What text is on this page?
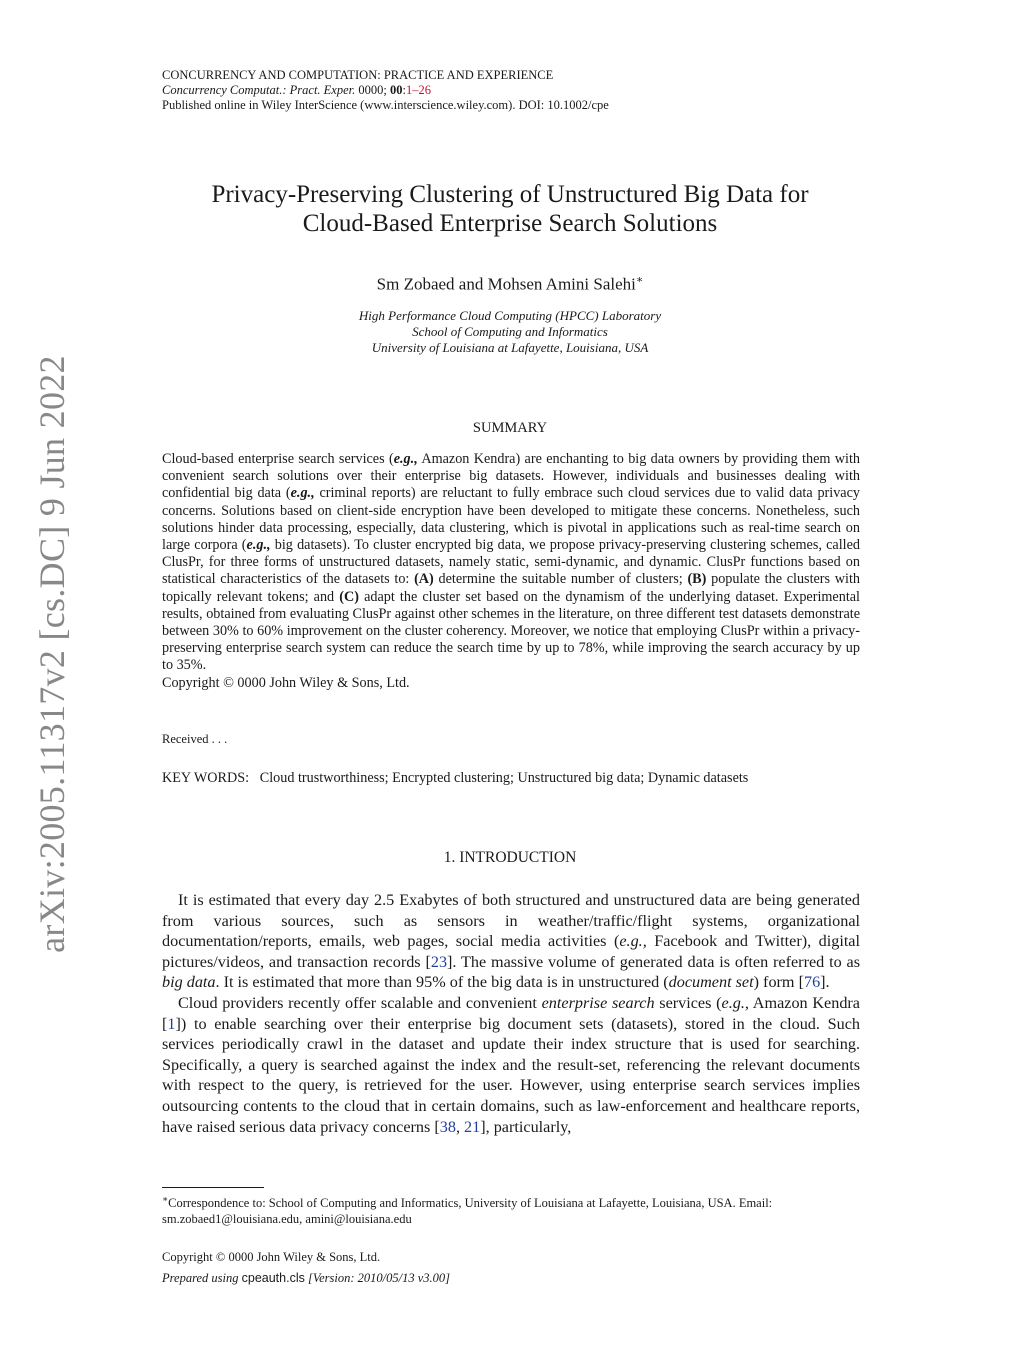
arXiv:2005.11317v2 [cs.DC] 9 Jun 2022
CONCURRENCY AND COMPUTATION: PRACTICE AND EXPERIENCE
Concurrency Computat.: Pract. Exper. 0000; 00:1–26
Published online in Wiley InterScience (www.interscience.wiley.com). DOI: 10.1002/cpe
Privacy-Preserving Clustering of Unstructured Big Data for
Cloud-Based Enterprise Search Solutions
Sm Zobaed and Mohsen Amini Salehi∗
High Performance Cloud Computing (HPCC) Laboratory
School of Computing and Informatics
University of Louisiana at Lafayette, Louisiana, USA
SUMMARY
Cloud-based enterprise search services (e.g., Amazon Kendra) are enchanting to big data owners by providing them with convenient search solutions over their enterprise big datasets. However, individuals and businesses dealing with confidential big data (e.g., criminal reports) are reluctant to fully embrace such cloud services due to valid data privacy concerns. Solutions based on client-side encryption have been developed to mitigate these concerns. Nonetheless, such solutions hinder data processing, especially, data clustering, which is pivotal in applications such as real-time search on large corpora (e.g., big datasets). To cluster encrypted big data, we propose privacy-preserving clustering schemes, called ClusPr, for three forms of unstructured datasets, namely static, semi-dynamic, and dynamic. ClusPr functions based on statistical characteristics of the datasets to: (A) determine the suitable number of clusters; (B) populate the clusters with topically relevant tokens; and (C) adapt the cluster set based on the dynamism of the underlying dataset. Experimental results, obtained from evaluating ClusPr against other schemes in the literature, on three different test datasets demonstrate between 30% to 60% improvement on the cluster coherency. Moreover, we notice that employing ClusPr within a privacy-preserving enterprise search system can reduce the search time by up to 78%, while improving the search accuracy by up to 35%.
Copyright © 0000 John Wiley & Sons, Ltd.
Received . . .
KEY WORDS: Cloud trustworthiness; Encrypted clustering; Unstructured big data; Dynamic datasets
1. INTRODUCTION

It is estimated that every day 2.5 Exabytes of both structured and unstructured data are being generated from various sources, such as sensors in weather/traffic/flight systems, organizational documentation/reports, emails, web pages, social media activities (e.g., Facebook and Twitter), digital pictures/videos, and transaction records [23]. The massive volume of generated data is often referred to as big data. It is estimated that more than 95% of the big data is in unstructured (document set) form [76].

Cloud providers recently offer scalable and convenient enterprise search services (e.g., Amazon Kendra [1]) to enable searching over their enterprise big document sets (datasets), stored in the cloud. Such services periodically crawl in the dataset and update their index structure that is used for searching. Specifically, a query is searched against the index and the result-set, referencing the relevant documents with respect to the query, is retrieved for the user. However, using enterprise search services implies outsourcing contents to the cloud that in certain domains, such as law-enforcement and healthcare reports, have raised serious data privacy concerns [38, 21], particularly,

∗Correspondence to: School of Computing and Informatics, University of Louisiana at Lafayette, Louisiana, USA. Email:
sm.zobaed1@louisiana.edu, amini@louisiana.edu
Copyright © 0000 John Wiley & Sons, Ltd.
Prepared using cpeauth.cls [Version: 2010/05/13 v3.00]
